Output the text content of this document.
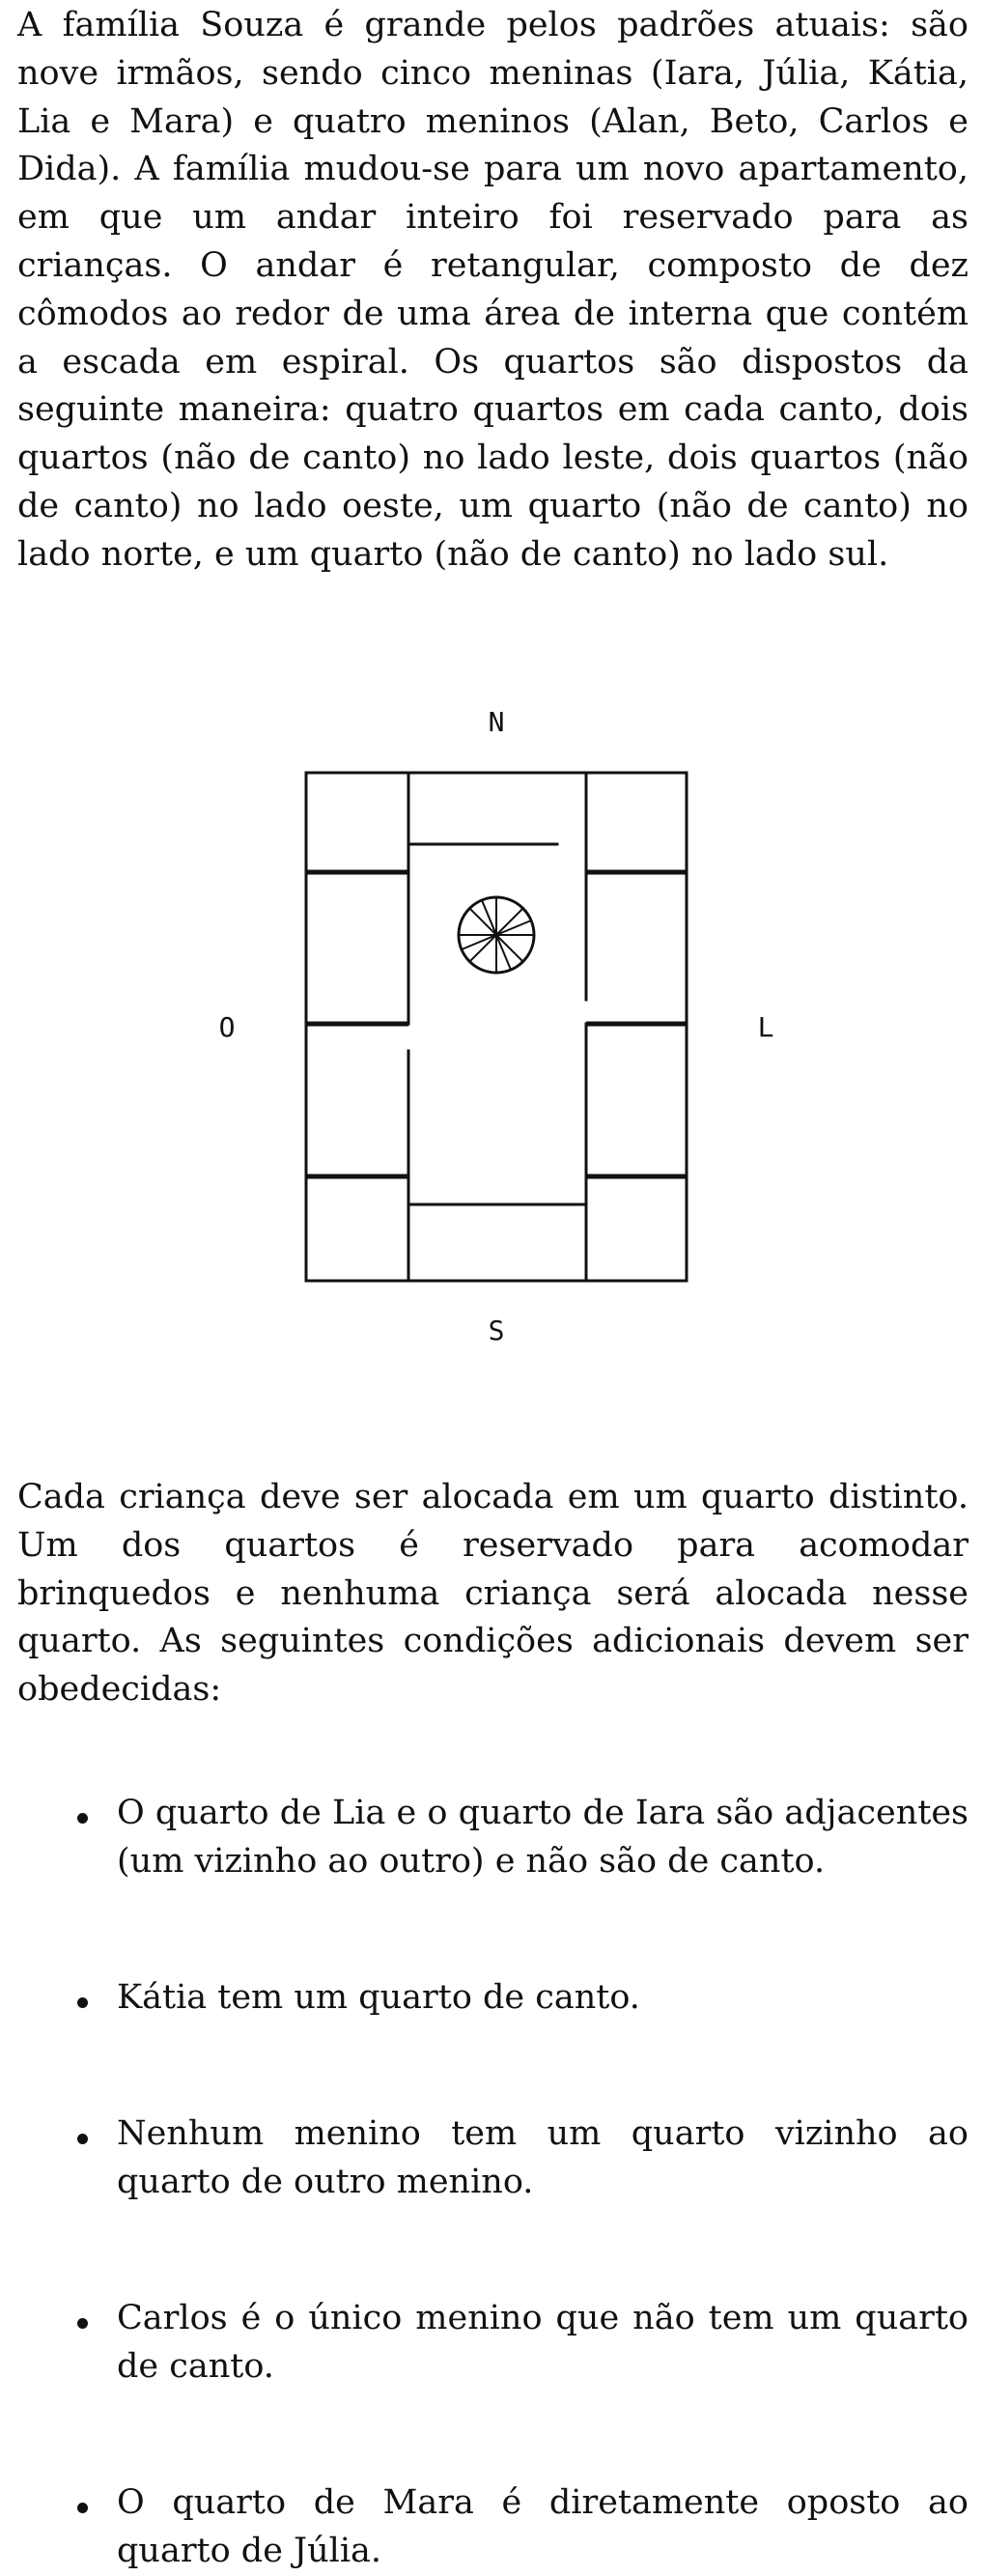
A família Souza é grande pelos padrões atuais: são nove irmãos, sendo cinco meninas (Iara, Júlia, Kátia, Lia e Mara) e quatro meninos (Alan, Beto, Carlos e Dida). A família mudou-se para um novo apartamento, em que um andar inteiro foi reservado para as crianças. O andar é retangular, composto de dez cômodos ao redor de uma área de interna que contém a escada em espiral. Os quartos são dispostos da seguinte maneira: quatro quartos em cada canto, dois quartos (não de canto) no lado leste, dois quartos (não de canto) no lado oeste, um quarto (não de canto) no lado norte, e um quarto (não de canto) no lado sul.

N
S
O	L

Cada criança deve ser alocada em um quarto distinto. Um dos quartos é reservado para acomodar brinquedos e nenhuma criança será alocada nesse quarto. As seguintes condições adicionais devem ser obedecidas:

O quarto de Lia e o quarto de Iara são adjacentes (um vizinho ao outro) e não são de canto.

Kátia tem um quarto de canto.

Nenhum menino tem um quarto vizinho ao quarto de outro menino.

Carlos é o único menino que não tem um quarto de canto.

O quarto de Mara é diretamente oposto ao quarto de Júlia.
